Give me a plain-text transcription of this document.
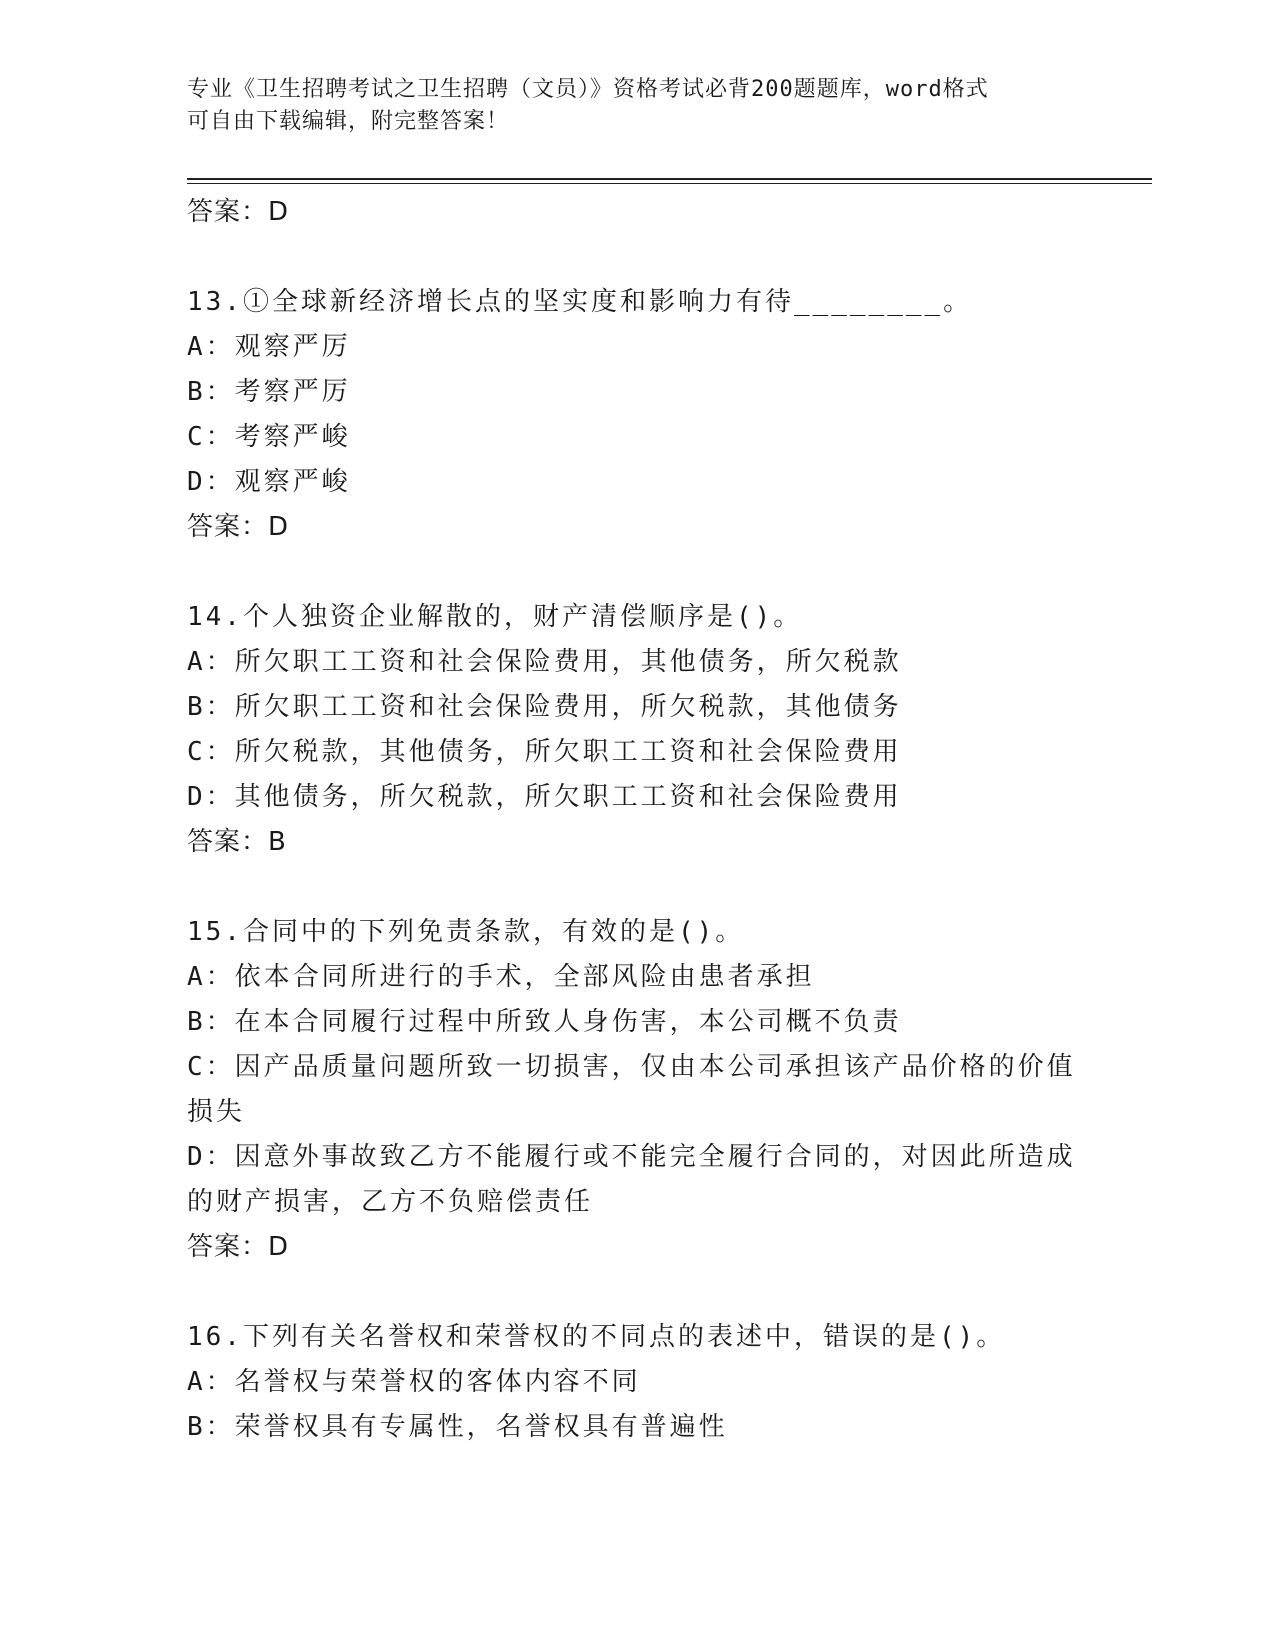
专业《卫生招聘考试之卫生招聘（文员）》资格考试必背200题题库，word格式
可自由下载编辑，附完整答案！
答案：D
13.①全球新经济增长点的坚实度和影响力有待________。
A：观察严厉
B：考察严厉
C：考察严峻
D：观察严峻
答案：D
14.个人独资企业解散的，财产清偿顺序是()。
A：所欠职工工资和社会保险费用，其他债务，所欠税款
B：所欠职工工资和社会保险费用，所欠税款，其他债务
C：所欠税款，其他债务，所欠职工工资和社会保险费用
D：其他债务，所欠税款，所欠职工工资和社会保险费用
答案：B
15.合同中的下列免责条款，有效的是()。
A：依本合同所进行的手术，全部风险由患者承担
B：在本合同履行过程中所致人身伤害，本公司概不负责
C：因产品质量问题所致一切损害，仅由本公司承担该产品价格的价值
损失
D：因意外事故致乙方不能履行或不能完全履行合同的，对因此所造成
的财产损害，乙方不负赔偿责任
答案：D
16.下列有关名誉权和荣誉权的不同点的表述中，错误的是()。
A：名誉权与荣誉权的客体内容不同
B：荣誉权具有专属性，名誉权具有普遍性
